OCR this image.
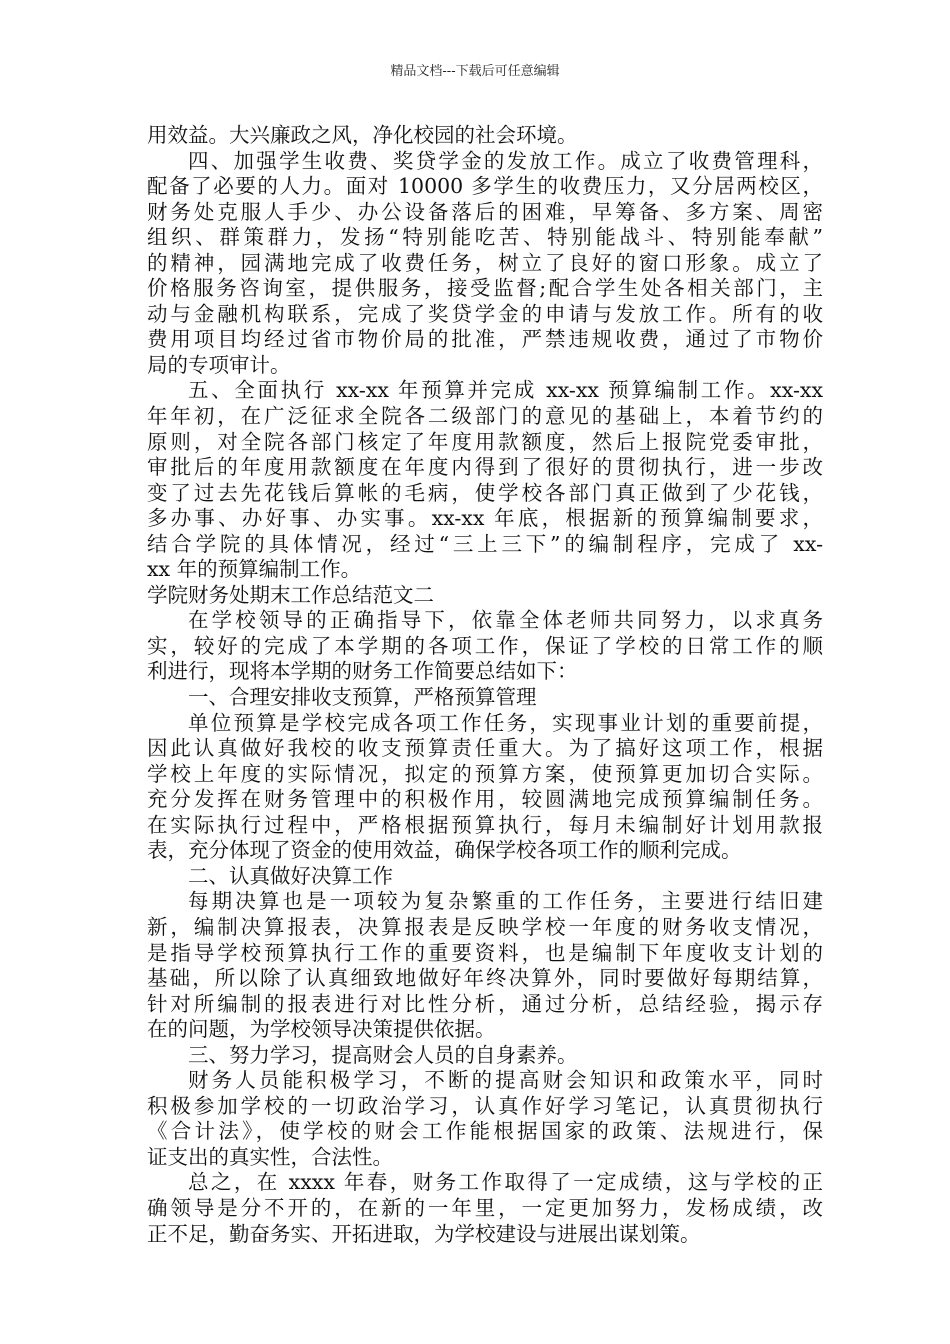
精品文档---下载后可任意编辑
用效益。大兴廉政之风，净化校园的社会环境。
四、加强学生收费、奖贷学金的发放工作。成立了收费管理科，
配备了必要的人力。面对 10000 多学生的收费压力，又分居两校区，
财务处克服人手少、办公设备落后的困难，早筹备、多方案、周密
组织、群策群力，发扬“特别能吃苦、特别能战斗、特别能奉献”
的精神，园满地完成了收费任务，树立了良好的窗口形象。成立了
价格服务咨询室，提供服务，接受监督;配合学生处各相关部门，主
动与金融机构联系，完成了奖贷学金的申请与发放工作。所有的收
费用项目均经过省市物价局的批准，严禁违规收费，通过了市物价
局的专项审计。
五、全面执行 xx-xx 年预算并完成 xx-xx 预算编制工作。xx-xx
年年初，在广泛征求全院各二级部门的意见的基础上，本着节约的
原则，对全院各部门核定了年度用款额度，然后上报院党委审批，
审批后的年度用款额度在年度内得到了很好的贯彻执行，进一步改
变了过去先花钱后算帐的毛病，使学校各部门真正做到了少花钱，
多办事、办好事、办实事。xx-xx 年底，根据新的预算编制要求，
结合学院的具体情况，经过“三上三下”的编制程序，完成了 xx-
xx 年的预算编制工作。
学院财务处期末工作总结范文二
在学校领导的正确指导下，依靠全体老师共同努力，以求真务
实，较好的完成了本学期的各项工作，保证了学校的日常工作的顺
利进行，现将本学期的财务工作简要总结如下：
一、合理安排收支预算，严格预算管理
单位预算是学校完成各项工作任务，实现事业计划的重要前提，
因此认真做好我校的收支预算责任重大。为了搞好这项工作，根据
学校上年度的实际情况，拟定的预算方案，使预算更加切合实际。
充分发挥在财务管理中的积极作用，较圆满地完成预算编制任务。
在实际执行过程中，严格根据预算执行，每月未编制好计划用款报
表，充分体现了资金的使用效益，确保学校各项工作的顺利完成。
二、认真做好决算工作
每期决算也是一项较为复杂繁重的工作任务，主要进行结旧建
新，编制决算报表，决算报表是反映学校一年度的财务收支情况，
是指导学校预算执行工作的重要资料，也是编制下年度收支计划的
基础，所以除了认真细致地做好年终决算外，同时要做好每期结算，
针对所编制的报表进行对比性分析，通过分析，总结经验，揭示存
在的问题，为学校领导决策提供依据。
三、努力学习，提高财会人员的自身素养。
财务人员能积极学习，不断的提高财会知识和政策水平，同时
积极参加学校的一切政治学习，认真作好学习笔记，认真贯彻执行
《合计法》，使学校的财会工作能根据国家的政策、法规进行，保
证支出的真实性，合法性。
总之，在 xxxx 年春，财务工作取得了一定成绩，这与学校的正
确领导是分不开的，在新的一年里，一定更加努力，发杨成绩，改
正不足，勤奋务实、开拓进取，为学校建设与进展出谋划策。
